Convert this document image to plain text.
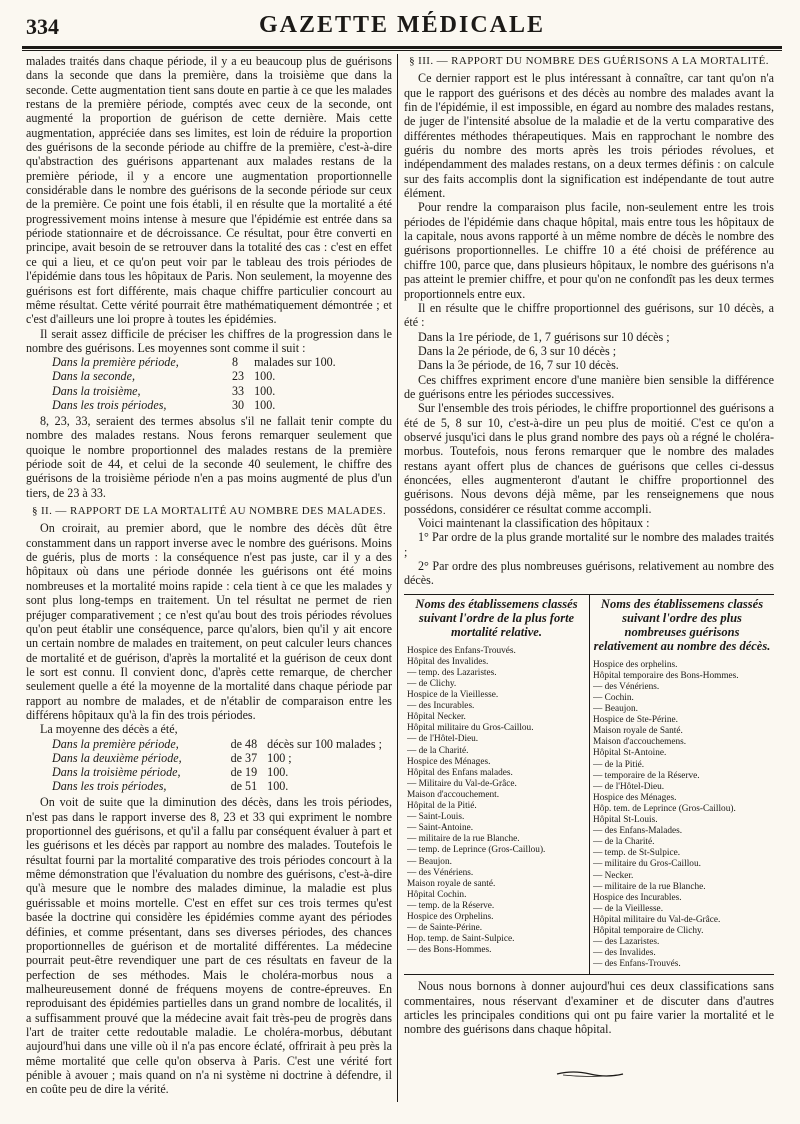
334	GAZETTE MÉDICALE

malades traités dans chaque période, il y a eu beaucoup plus de guérisons dans la seconde que dans la première, dans la troisième que dans la seconde. Cette augmentation tient sans doute en partie à ce que les malades restans de la première période, comptés avec ceux de la seconde, ont augmenté la proportion de guérison de cette dernière. Mais cette augmentation, appréciée dans ses limites, est loin de réduire la proportion des guérisons de la seconde période au chiffre de la première, c'est-à-dire qu'abstraction des guérisons appartenant aux malades restans de la première période, il y a encore une augmentation proportionnelle considérable dans le nombre des guérisons de la seconde période sur ceux de la première. Ce point une fois établi, il en résulte que la mortalité a été progressivement moins intense à mesure que l'épidémie est entrée dans sa période stationnaire et de décroissance. Ce résultat, pour être converti en principe, avait besoin de se retrouver dans la totalité des cas : c'est en effet ce qui a lieu, et ce qu'on peut voir par le tableau des trois périodes de l'épidémie dans tous les hôpitaux de Paris. Non seulement, la moyenne des guérisons est fort différente, mais chaque chiffre particulier concourt au même résultat. Cette vérité pourrait être mathématiquement démontrée ; et c'est d'ailleurs une loi propre à toutes les épidémies.

Il serait assez difficile de préciser les chiffres de la progression dans le nombre des guérisons. Les moyennes sont comme il suit :

Dans la première période,	8	malades sur 100.
Dans la seconde,	23	100.
Dans la troisième,	33	100.
Dans les trois périodes,	30	100.

8, 23, 33, seraient des termes absolus s'il ne fallait tenir compte du nombre des malades restans. Nous ferons remarquer seulement que quoique le nombre proportionnel des malades restans de la première période soit de 44, et celui de la seconde 40 seulement, le chiffre des guérisons de la troisième période n'en a pas moins augmenté de plus d'un tiers, de 23 à 33.

§ II. — RAPPORT DE LA MORTALITÉ AU NOMBRE DES MALADES.

On croirait, au premier abord, que le nombre des décès dût être constamment dans un rapport inverse avec le nombre des guérisons. Moins de guéris, plus de morts : la conséquence n'est pas juste, car il y a des hôpitaux où dans une période donnée les guérisons ont été moins nombreuses et la mortalité moins rapide : cela tient à ce que les malades y sont plus long-temps en traitement. Un tel résultat ne permet de rien préjuger comparativement ; ce n'est qu'au bout des trois périodes révolues qu'on peut établir une conséquence, parce qu'alors, bien qu'il y ait encore un certain nombre de malades en traitement, on peut calculer leurs chances de mortalité et de guérison, d'après la mortalité et la guérison de ceux dont le sort est connu. Il convient donc, d'après cette remarque, de chercher seulement quelle a été la moyenne de la mortalité dans chaque période par rapport au nombre de malades, et de n'établir de comparaison entre les différens hôpitaux qu'à la fin des trois périodes.

La moyenne des décès a été,

Dans la première période,	de 48	décès sur 100 malades ;
Dans la deuxième période,	de 37	100 ;
Dans la troisième période,	de 19	100.
Dans les trois périodes,	de 51	100.

On voit de suite que la diminution des décès, dans les trois périodes, n'est pas dans le rapport inverse des 8, 23 et 33 qui expriment le nombre proportionnel des guérisons, et qu'il a fallu par conséquent évaluer à part et les guérisons et les décès par rapport au nombre des malades. Toutefois le résultat fourni par la mortalité comparative des trois périodes concourt à la même démonstration que l'évaluation du nombre des guérisons, c'est-à-dire qu'à mesure que le nombre des malades diminue, la maladie est plus guérissable et moins mortelle. C'est en effet sur ces trois termes qu'est basée la doctrine qui considère les épidémies comme ayant des périodes définies, et comme présentant, dans ses diverses périodes, des chances proportionnelles de guérison et de mortalité différentes. La médecine pourrait peut-être revendiquer une part de ces résultats en faveur de la perfection de ses méthodes. Mais le choléra-morbus nous a malheureusement donné de fréquens moyens de contre-épreuves. En reproduisant des épidémies partielles dans un grand nombre de localités, il a suffisamment prouvé que la médecine avait fait très-peu de progrès dans l'art de traiter cette redoutable maladie. Le choléra-morbus, débutant aujourd'hui dans une ville où il n'a pas encore éclaté, offrirait à peu près la même mortalité que celle qu'on observa à Paris. C'est une vérité fort pénible à avouer ; mais quand on n'a ni système ni doctrine à défendre, il en coûte peu de dire la vérité.

§ III. — RAPPORT DU NOMBRE DES GUÉRISONS A LA MORTALITÉ.

Ce dernier rapport est le plus intéressant à connaître, car tant qu'on n'a que le rapport des guérisons et des décès au nombre des malades avant la fin de l'épidémie, il est impossible, en égard au nombre des malades restans, de juger de l'intensité absolue de la maladie et de la vertu comparative des différentes méthodes thérapeutiques. Mais en rapprochant le nombre des guéris du nombre des morts après les trois périodes révolues, et indépendamment des malades restans, on a deux termes définis : on calcule sur des faits accomplis dont la signification est indépendante de tout autre élément.

Pour rendre la comparaison plus facile, non-seulement entre les trois périodes de l'épidémie dans chaque hôpital, mais entre tous les hôpitaux de la capitale, nous avons rapporté à un même nombre de décès le nombre des guérisons proportionnelles. Le chiffre 10 a été choisi de préférence au chiffre 100, parce que, dans plusieurs hôpitaux, le nombre des guérisons n'a pas atteint le premier chiffre, et pour qu'on ne confondît pas les deux termes proportionnels entre eux.

Il en résulte que le chiffre proportionnel des guérisons, sur 10 décès, a été :

Dans la 1re période, de 1, 7 guérisons sur 10 décès ;

Dans la 2e période, de 6, 3 sur 10 décès ;

Dans la 3e période, de 16, 7 sur 10 décès.

Ces chiffres expriment encore d'une manière bien sensible la différence de guérisons entre les périodes successives.

Sur l'ensemble des trois périodes, le chiffre proportionnel des guérisons a été de 5, 8 sur 10, c'est-à-dire un peu plus de moitié. C'est ce qu'on a observé jusqu'ici dans le plus grand nombre des pays où a régné le choléra-morbus. Toutefois, nous ferons remarquer que le nombre des malades restans ayant offert plus de chances de guérisons que celles ci-dessus énoncées, elles augmenteront d'autant le chiffre proportionnel des guérisons. Nous devons déjà même, par les renseignemens que nous possédons, considérer ce résultat comme accompli.

Voici maintenant la classification des hôpitaux :

1° Par ordre de la plus grande mortalité sur le nombre des malades traités ;

2° Par ordre des plus nombreuses guérisons, relativement au nombre des décès.

Noms des établissemens classés suivant l'ordre de la plus forte mortalité relative.
Hospice des Enfans-Trouvés.
Hôpital des Invalides.
— temp. des Lazaristes.
— de Clichy.
Hospice de la Vieillesse.
— des Incurables.
Hôpital Necker.
Hôpital militaire du Gros-Caillou.
— de l'Hôtel-Dieu.
— de la Charité.
Hospice des Ménages.
Hôpital des Enfans malades.
— Militaire du Val-de-Grâce.
Maison d'accouchement.
Hôpital de la Pitié.
— Saint-Louis.
— Saint-Antoine.
— militaire de la rue Blanche.
— temp. de Leprince (Gros-Caillou).
— Beaujon.
— des Vénériens.
Maison royale de santé.
Hôpital Cochin.
— temp. de la Réserve.
Hospice des Orphelins.
— de Sainte-Périne.
Hop. temp. de Saint-Sulpice.
— des Bons-Hommes.
Noms des établissemens classés suivant l'ordre des plus nombreuses guérisons relativement au nombre des décès.
Hospice des orphelins.
Hôpital temporaire des Bons-Hommes.
— des Vénériens.
— Cochin.
— Beaujon.
Hospice de Ste-Périne.
Maison royale de Santé.
Maison d'accouchemens.
Hôpital St-Antoine.
— de la Pitié.
— temporaire de la Réserve.
— de l'Hôtel-Dieu.
Hospice des Ménages.
Hôp. tem. de Leprince (Gros-Caillou).
Hôpital St-Louis.
— des Enfans-Malades.
— de la Charité.
— temp. de St-Sulpice.
— militaire du Gros-Caillou.
— Necker.
— militaire de la rue Blanche.
Hospice des Incurables.
— de la Vieillesse.
Hôpital militaire du Val-de-Grâce.
Hôpital temporaire de Clichy.
— des Lazaristes.
— des Invalides.
— des Enfans-Trouvés.

Nous nous bornons à donner aujourd'hui ces deux classifications sans commentaires, nous réservant d'examiner et de discuter dans d'autres articles les principales conditions qui ont pu faire varier la mortalité et le nombre des guérisons dans chaque hôpital.
